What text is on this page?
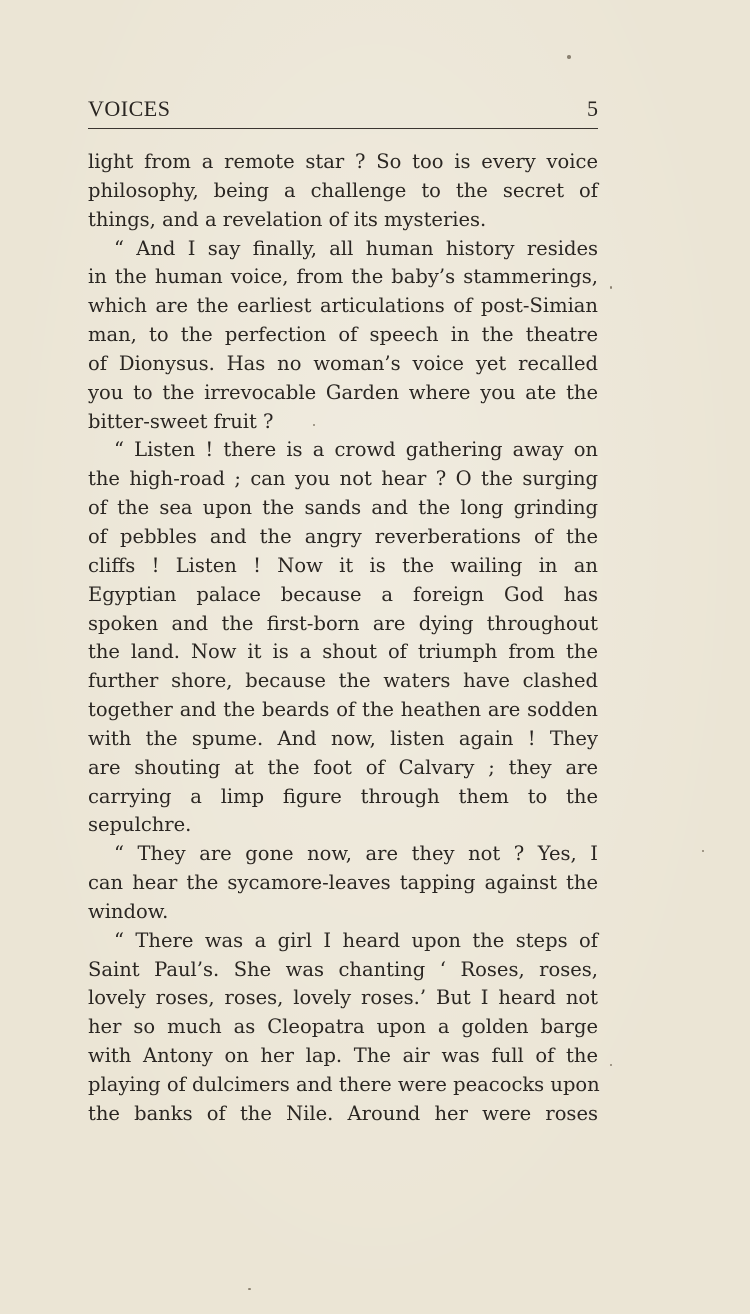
VOICES	5
light from a remote star ? So too is every voice
philosophy, being a challenge to the secret of
things, and a revelation of its mysteries.
“ And I say finally, all human history resides
in the human voice, from the baby’s stammerings,
which are the earliest articulations of post-Simian
man, to the perfection of speech in the theatre
of Dionysus. Has no woman’s voice yet recalled
you to the irrevocable Garden where you ate the
bitter-sweet fruit ?
“ Listen ! there is a crowd gathering away on
the high-road ; can you not hear ? O the surging
of the sea upon the sands and the long grinding
of pebbles and the angry reverberations of the
cliffs ! Listen ! Now it is the wailing in an
Egyptian palace because a foreign God has
spoken and the first-born are dying throughout
the land. Now it is a shout of triumph from the
further shore, because the waters have clashed
together and the beards of the heathen are sodden
with the spume. And now, listen again ! They
are shouting at the foot of Calvary ; they are
carrying a limp figure through them to the
sepulchre.
“ They are gone now, are they not ? Yes, I
can hear the sycamore-leaves tapping against the
window.
“ There was a girl I heard upon the steps of
Saint Paul’s. She was chanting ‘ Roses, roses,
lovely roses, roses, lovely roses.’ But I heard not
her so much as Cleopatra upon a golden barge
with Antony on her lap. The air was full of the
playing of dulcimers and there were peacocks upon
the banks of the Nile. Around her were roses
